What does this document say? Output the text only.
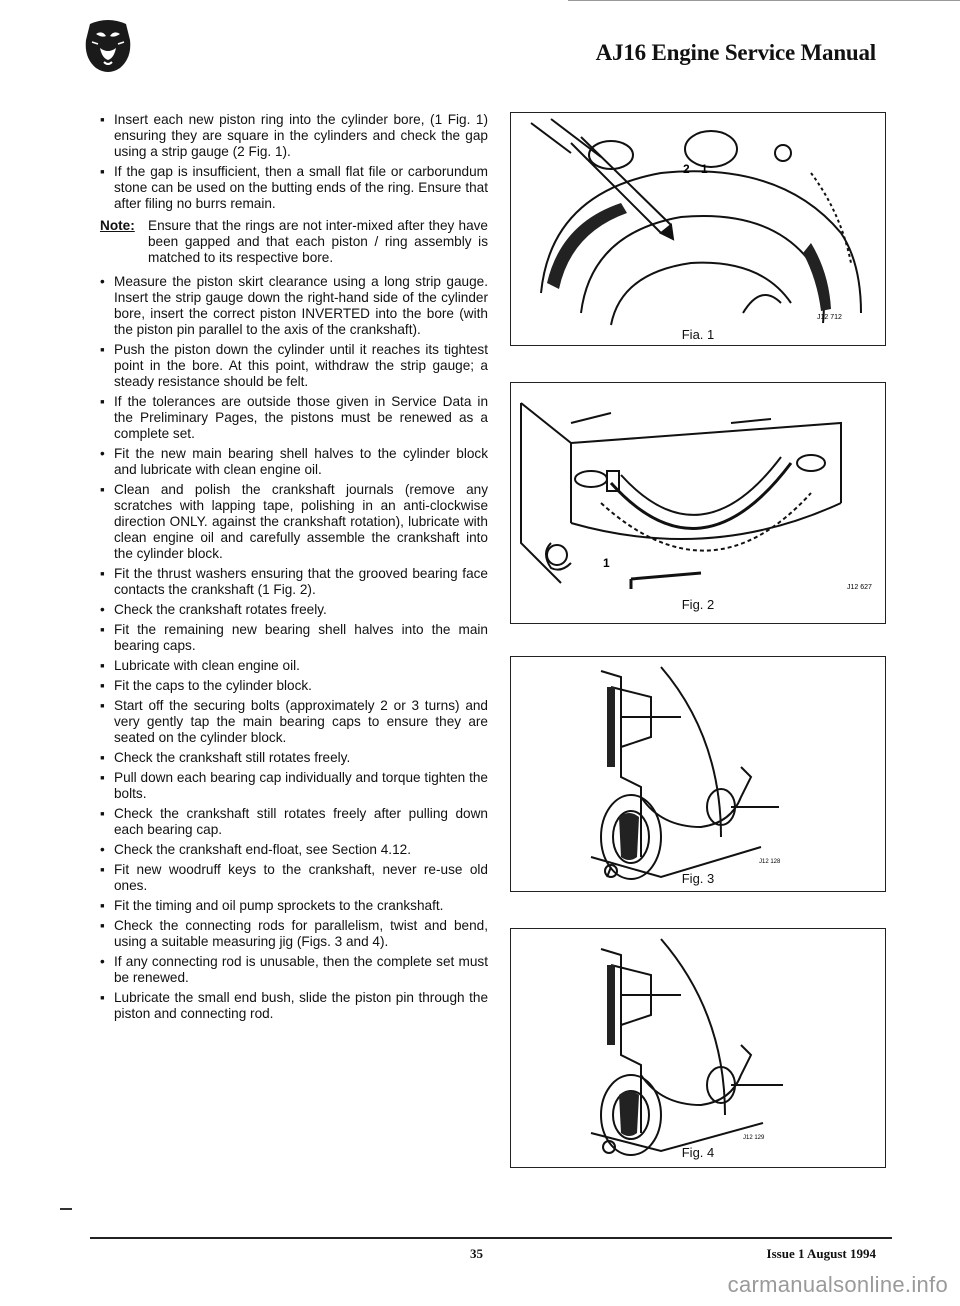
AJ16 Engine Service Manual
▪ Insert each new piston ring into the cylinder bore, (1 Fig. 1) ensuring they are square in the cylinders and check the gap using a strip gauge (2 Fig. 1).
▪ If the gap is insufficient, then a small flat file or carborundum stone can be used on the butting ends of the ring. Ensure that after filing no burrs remain.
Note: Ensure that the rings are not inter-mixed after they have been gapped and that each piston / ring assembly is matched to its respective bore.
• Measure the piston skirt clearance using a long strip gauge. Insert the strip gauge down the right-hand side of the cylinder bore, insert the correct piston INVERTED into the bore (with the piston pin parallel to the axis of the crankshaft).
▪ Push the piston down the cylinder until it reaches its tightest point in the bore. At this point, withdraw the strip gauge; a steady resistance should be felt.
▪ If the tolerances are outside those given in Service Data in the Preliminary Pages, the pistons must be renewed as a complete set.
• Fit the new main bearing shell halves to the cylinder block and lubricate with clean engine oil.
▪ Clean and polish the crankshaft journals (remove any scratches with lapping tape, polishing in an anti-clockwise direction ONLY. against the crankshaft rotation), lubricate with clean engine oil and carefully assemble the crankshaft into the cylinder block.
▪ Fit the thrust washers ensuring that the grooved bearing face contacts the crankshaft (1 Fig. 2).
• Check the crankshaft rotates freely.
▪ Fit the remaining new bearing shell halves into the main bearing caps.
▪ Lubricate with clean engine oil.
▪ Fit the caps to the cylinder block.
▪ Start off the securing bolts (approximately 2 or 3 turns) and very gently tap the main bearing caps to ensure they are seated on the cylinder block.
▪ Check the crankshaft still rotates freely.
▪ Pull down each bearing cap individually and torque tighten the bolts.
▪ Check the crankshaft still rotates freely after pulling down each bearing cap.
• Check the crankshaft end-float, see Section 4.12.
▪ Fit new woodruff keys to the crankshaft, never re-use old ones.
▪ Fit the timing and oil pump sprockets to the crankshaft.
▪ Check the connecting rods for parallelism, twist and bend, using a suitable measuring jig (Figs. 3 and 4).
• If any connecting rod is unusable, then the complete set must be renewed.
▪ Lubricate the small end bush, slide the piston pin through the piston and connecting rod.
2 1
J12 712
Fia. 1
1
J12 627
Fig. 2
J12 128
Fig. 3
J12 129
Fig. 4
35	Issue 1 August 1994
carmanualsonline.info
